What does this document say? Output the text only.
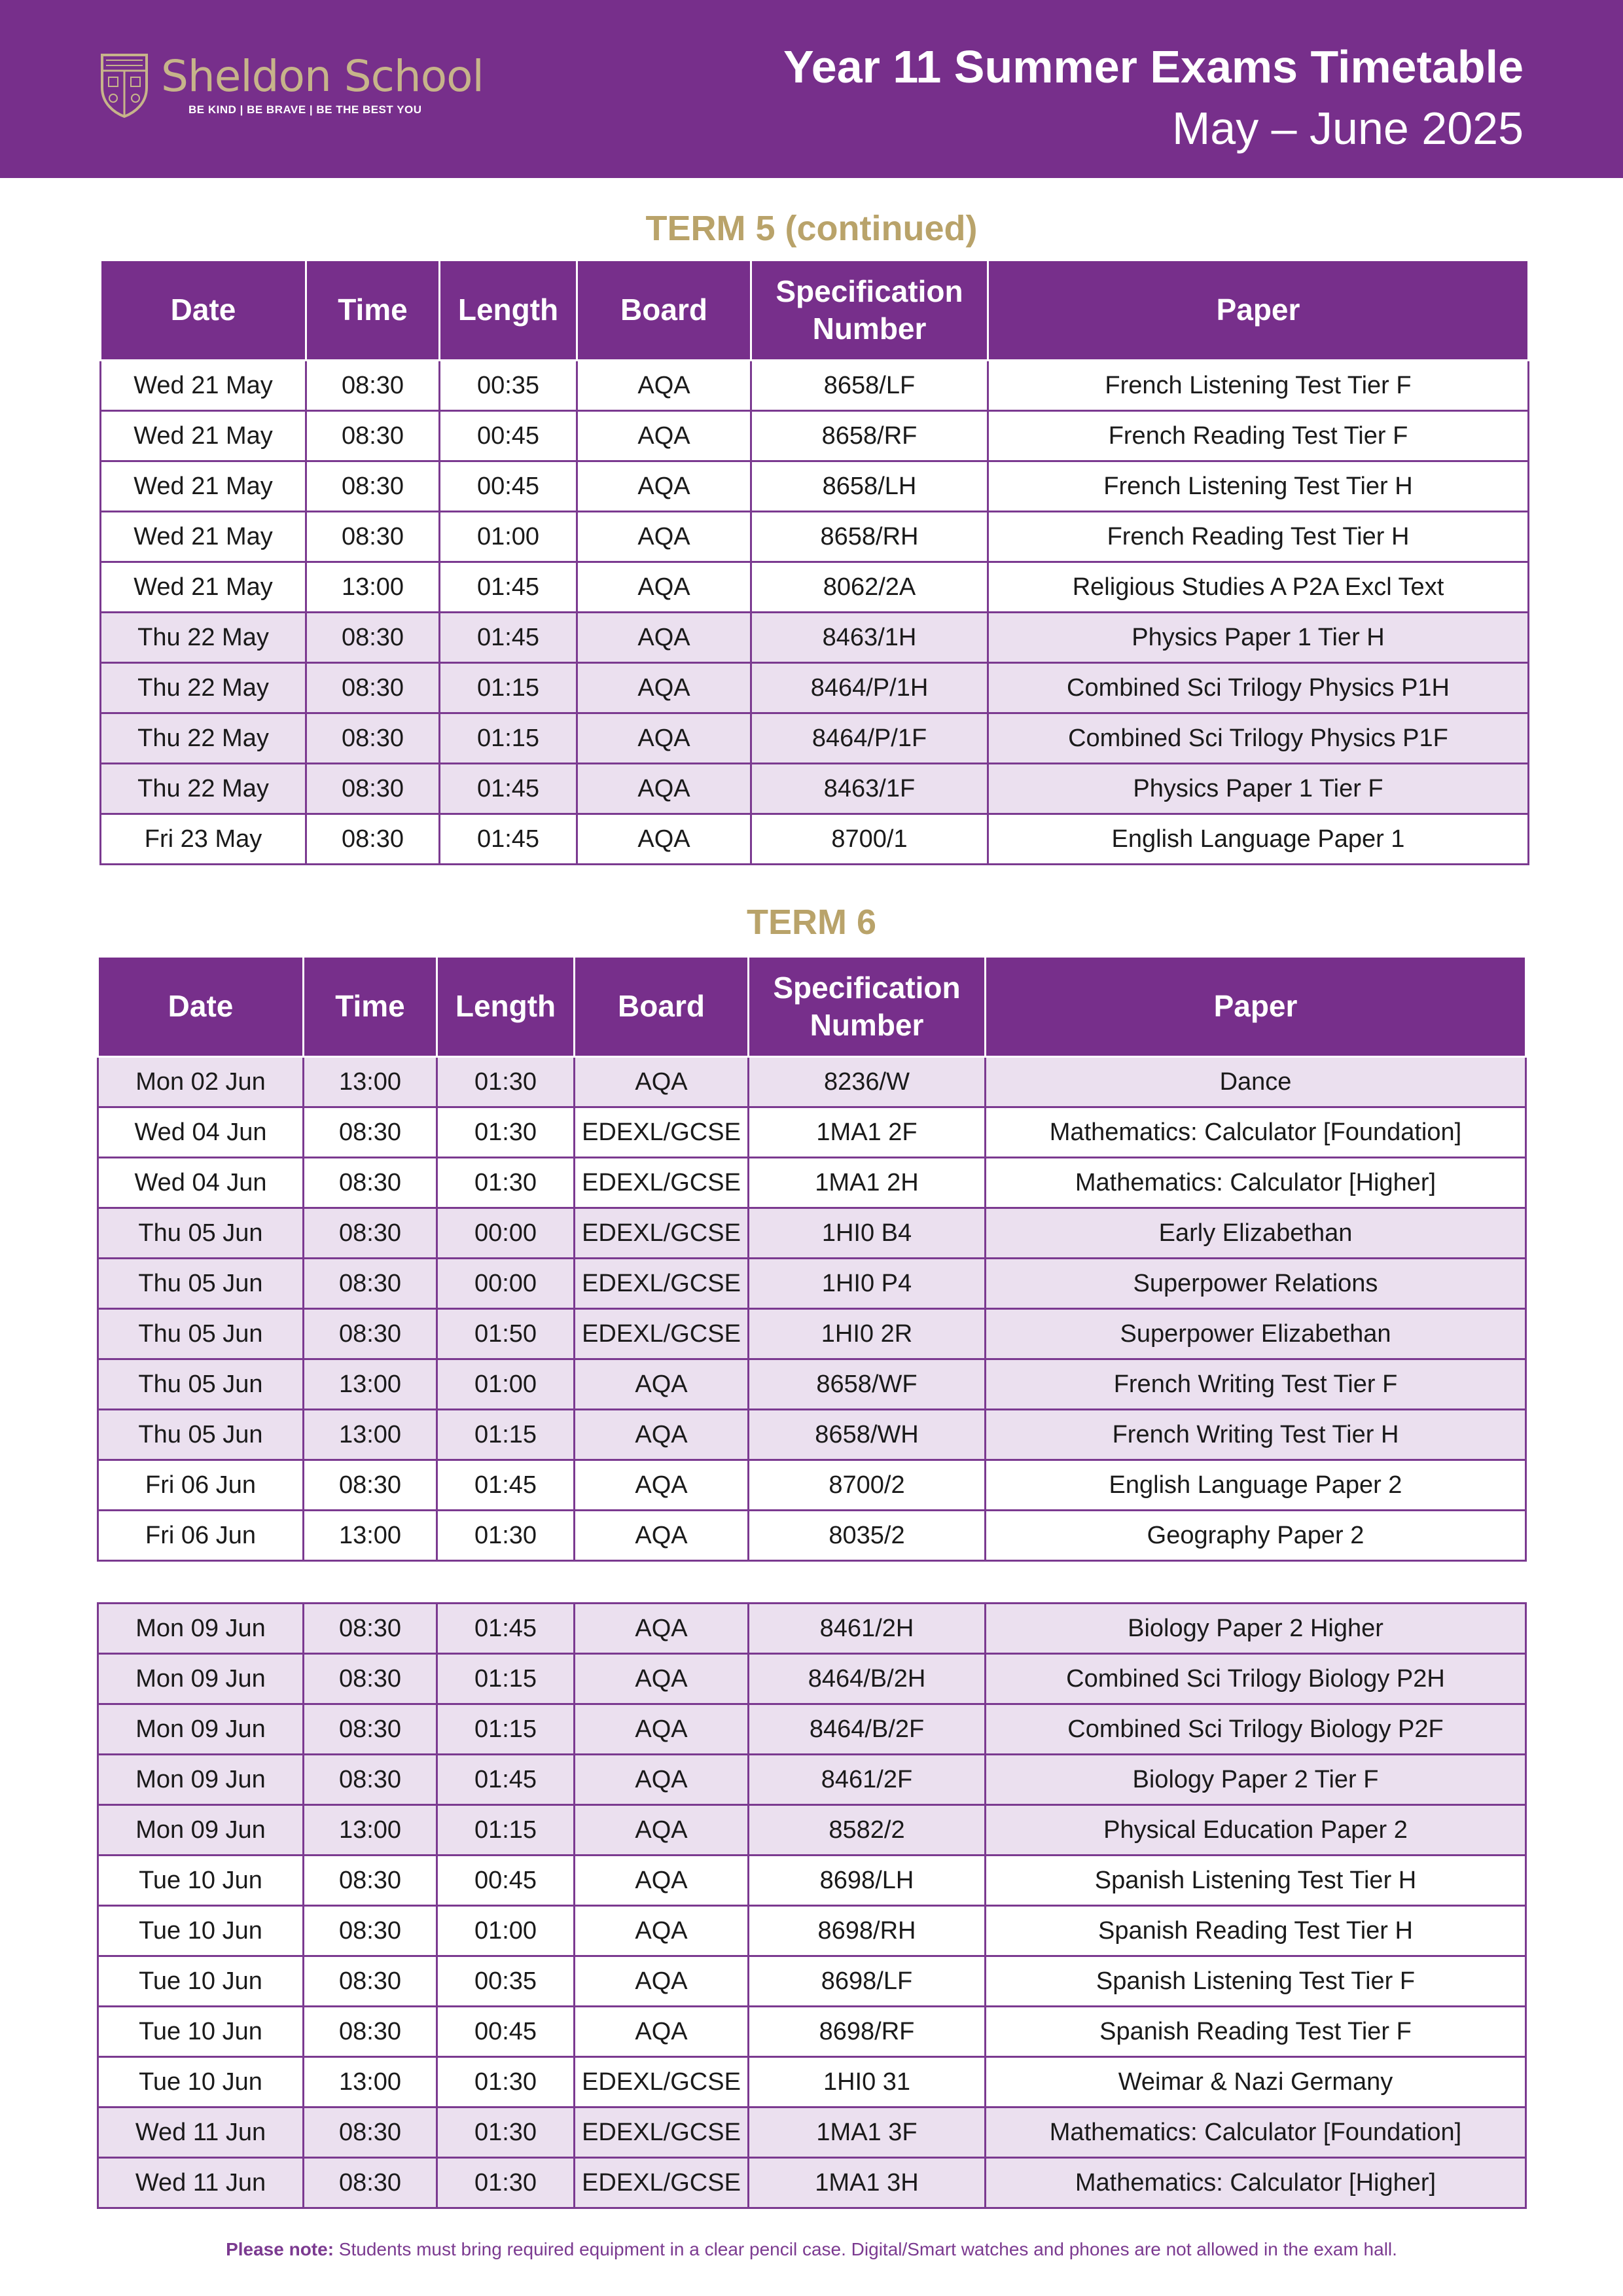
Sheldon School
BE KIND | BE BRAVE | BE THE BEST YOU
Year 11 Summer Exams Timetable
May – June 2025
TERM 5 (continued)
Date	Time	Length	Board	Specification
Number	Paper
Wed 21 May	08:30	00:35	AQA	8658/LF	French Listening Test Tier F
Wed 21 May	08:30	00:45	AQA	8658/RF	French Reading Test Tier F
Wed 21 May	08:30	00:45	AQA	8658/LH	French Listening Test Tier H
Wed 21 May	08:30	01:00	AQA	8658/RH	French Reading Test Tier H
Wed 21 May	13:00	01:45	AQA	8062/2A	Religious Studies A P2A Excl Text
Thu 22 May	08:30	01:45	AQA	8463/1H	Physics Paper 1 Tier H
Thu 22 May	08:30	01:15	AQA	8464/P/1H	Combined Sci Trilogy Physics P1H
Thu 22 May	08:30	01:15	AQA	8464/P/1F	Combined Sci Trilogy Physics P1F
Thu 22 May	08:30	01:45	AQA	8463/1F	Physics Paper 1 Tier F
Fri 23 May	08:30	01:45	AQA	8700/1	English Language Paper 1
TERM 6
Date	Time	Length	Board	Specification
Number	Paper
Mon 02 Jun	13:00	01:30	AQA	8236/W	Dance
Wed 04 Jun	08:30	01:30	EDEXL/GCSE	1MA1 2F	Mathematics: Calculator [Foundation]
Wed 04 Jun	08:30	01:30	EDEXL/GCSE	1MA1 2H	Mathematics: Calculator [Higher]
Thu 05 Jun	08:30	00:00	EDEXL/GCSE	1HI0 B4	Early Elizabethan
Thu 05 Jun	08:30	00:00	EDEXL/GCSE	1HI0 P4	Superpower Relations
Thu 05 Jun	08:30	01:50	EDEXL/GCSE	1HI0 2R	Superpower Elizabethan
Thu 05 Jun	13:00	01:00	AQA	8658/WF	French Writing Test Tier F
Thu 05 Jun	13:00	01:15	AQA	8658/WH	French Writing Test Tier H
Fri 06 Jun	08:30	01:45	AQA	8700/2	English Language Paper 2
Fri 06 Jun	13:00	01:30	AQA	8035/2	Geography Paper 2
Mon 09 Jun	08:30	01:45	AQA	8461/2H	Biology Paper 2 Higher
Mon 09 Jun	08:30	01:15	AQA	8464/B/2H	Combined Sci Trilogy Biology P2H
Mon 09 Jun	08:30	01:15	AQA	8464/B/2F	Combined Sci Trilogy Biology P2F
Mon 09 Jun	08:30	01:45	AQA	8461/2F	Biology Paper 2 Tier F
Mon 09 Jun	13:00	01:15	AQA	8582/2	Physical Education Paper 2
Tue 10 Jun	08:30	00:45	AQA	8698/LH	Spanish Listening Test Tier H
Tue 10 Jun	08:30	01:00	AQA	8698/RH	Spanish Reading Test Tier H
Tue 10 Jun	08:30	00:35	AQA	8698/LF	Spanish Listening Test Tier F
Tue 10 Jun	08:30	00:45	AQA	8698/RF	Spanish Reading Test Tier F
Tue 10 Jun	13:00	01:30	EDEXL/GCSE	1HI0 31	Weimar & Nazi Germany
Wed 11 Jun	08:30	01:30	EDEXL/GCSE	1MA1 3F	Mathematics: Calculator [Foundation]
Wed 11 Jun	08:30	01:30	EDEXL/GCSE	1MA1 3H	Mathematics: Calculator [Higher]
Please note: Students must bring required equipment in a clear pencil case. Digital/Smart watches and phones are not allowed in the exam hall.
